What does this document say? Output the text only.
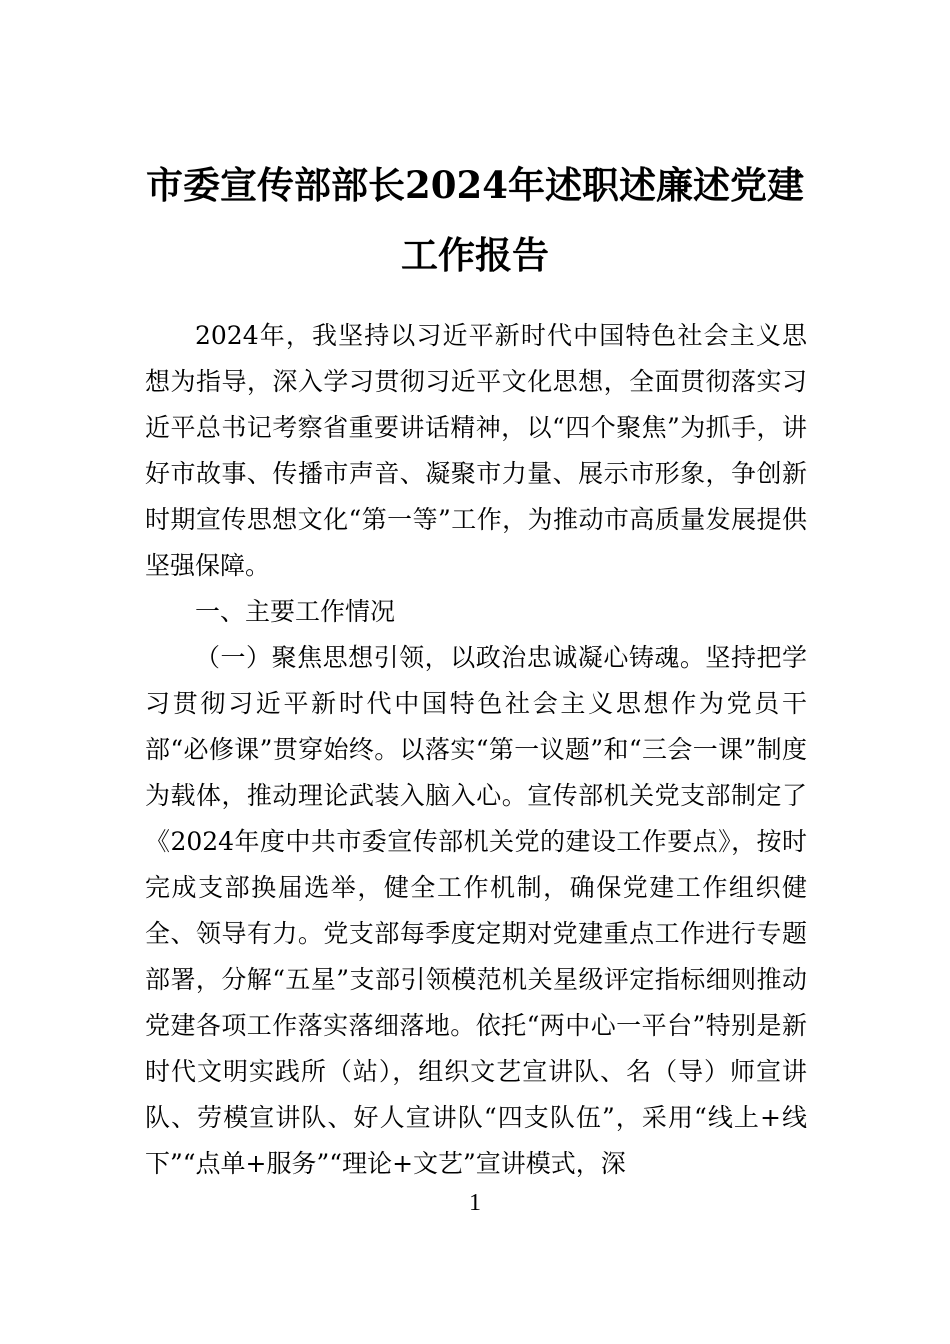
市委宣传部部长2024年述职述廉述党建工作报告

2024年，我坚持以习近平新时代中国特色社会主义思想为指导，深入学习贯彻习近平文化思想，全面贯彻落实习近平总书记考察省重要讲话精神，以“四个聚焦”为抓手，讲好市故事、传播市声音、凝聚市力量、展示市形象，争创新时期宣传思想文化“第一等”工作，为推动市高质量发展提供坚强保障。

一、主要工作情况

（一）聚焦思想引领，以政治忠诚凝心铸魂。坚持把学习贯彻习近平新时代中国特色社会主义思想作为党员干部“必修课”贯穿始终。以落实“第一议题”和“三会一课”制度为载体，推动理论武装入脑入心。宣传部机关党支部制定了《2024年度中共市委宣传部机关党的建设工作要点》，按时完成支部换届选举，健全工作机制，确保党建工作组织健全、领导有力。党支部每季度定期对党建重点工作进行专题部署，分解“五星”支部引领模范机关星级评定指标细则推动党建各项工作落实落细落地。依托“两中心一平台”特别是新时代文明实践所（站），组织文艺宣讲队、名（导）师宣讲队、劳模宣讲队、好人宣讲队“四支队伍”，采用“线上+线下”“点单+服务”“理论+文艺”宣讲模式，深

1
